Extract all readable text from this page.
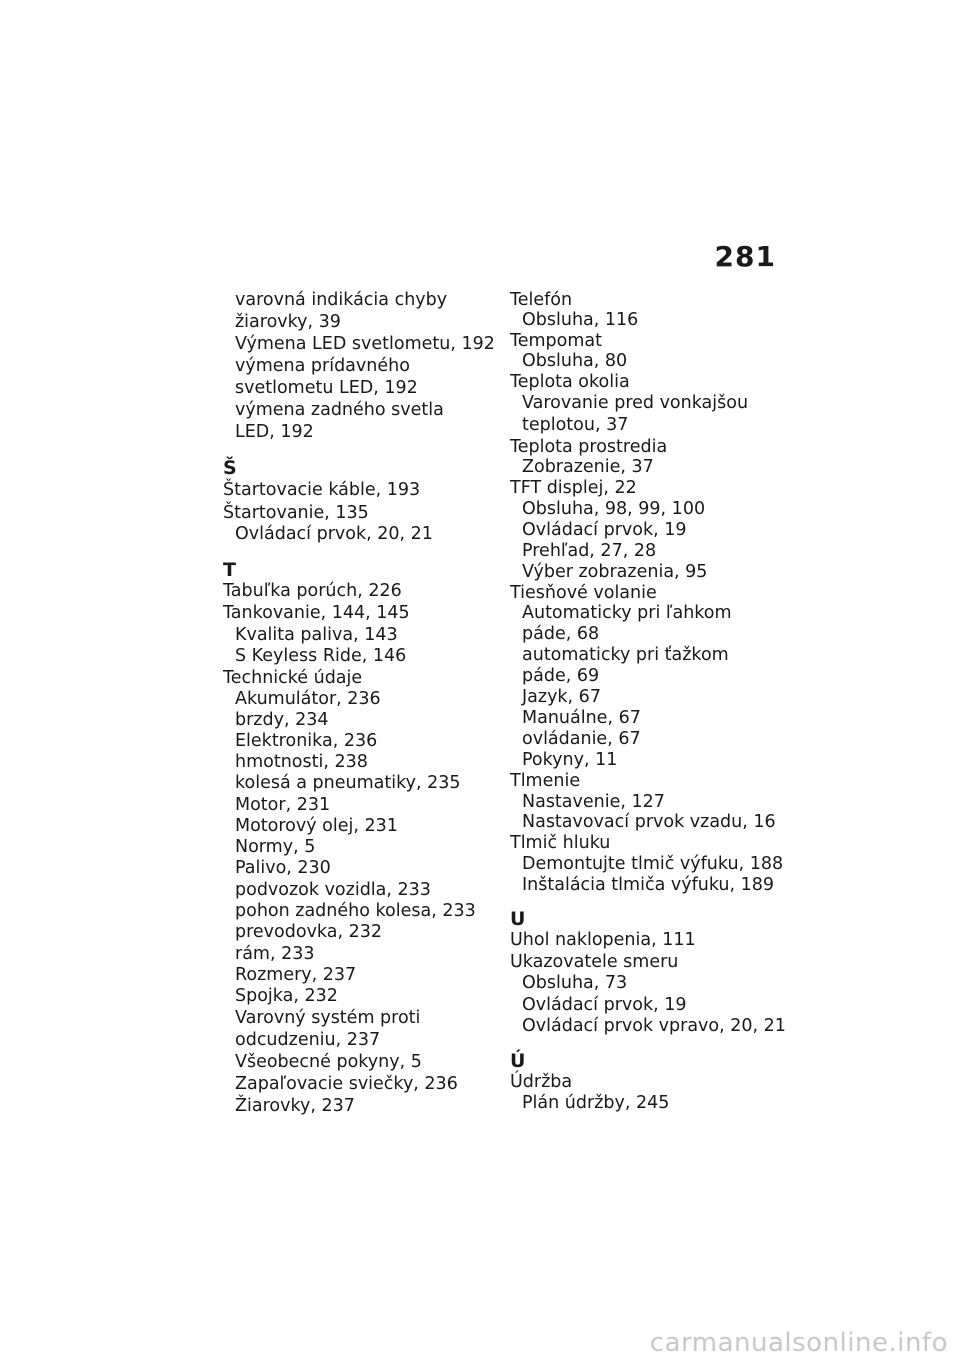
281
varovná indikácia chyby
žiarovky, 39
Výmena LED svetlometu, 192
výmena prídavného
svetlometu LED, 192
výmena zadného svetla
LED, 192
Š
Štartovacie káble, 193
Štartovanie, 135
Ovládací prvok, 20, 21
T
Tabuľka porúch, 226
Tankovanie, 144, 145
Kvalita paliva, 143
S Keyless Ride, 146
Technické údaje
Akumulátor, 236
brzdy, 234
Elektronika, 236
hmotnosti, 238
kolesá a pneumatiky, 235
Motor, 231
Motorový olej, 231
Normy, 5
Palivo, 230
podvozok vozidla, 233
pohon zadného kolesa, 233
prevodovka, 232
rám, 233
Rozmery, 237
Spojka, 232
Varovný systém proti
odcudzeniu, 237
Všeobecné pokyny, 5
Zapaľovacie sviečky, 236
Žiarovky, 237
Telefón
Obsluha, 116
Tempomat
Obsluha, 80
Teplota okolia
Varovanie pred vonkajšou
teplotou, 37
Teplota prostredia
Zobrazenie, 37
TFT displej, 22
Obsluha, 98, 99, 100
Ovládací prvok, 19
Prehľad, 27, 28
Výber zobrazenia, 95
Tiesňové volanie
Automaticky pri ľahkom
páde, 68
automaticky pri ťažkom
páde, 69
Jazyk, 67
Manuálne, 67
ovládanie, 67
Pokyny, 11
Tlmenie
Nastavenie, 127
Nastavovací prvok vzadu, 16
Tlmič hluku
Demontujte tlmič výfuku, 188
Inštalácia tlmiča výfuku, 189
U
Uhol naklopenia, 111
Ukazovatele smeru
Obsluha, 73
Ovládací prvok, 19
Ovládací prvok vpravo, 20, 21
Ú
Údržba
Plán údržby, 245
carmanualsonline.info
